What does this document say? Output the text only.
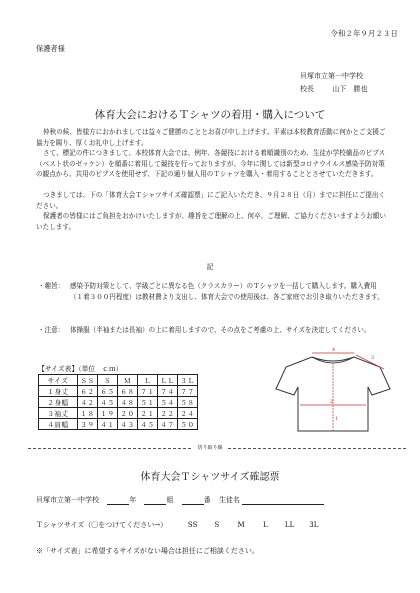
令和２年９月２３日
保護者様
貝塚市立第一中学校
校長	山下　勝也
体育大会におけるＴシャツの着用・購入について
仲秋の候、皆様方におかれましては益々ご健勝のこととお喜び申し上げます。平素は本校教育活動に何かとご支援ご協力を賜り、厚くお礼申し上げます。
さて、標記の件につきまして、本校体育大会では、例年、各競技における着順識別のため、生徒が学校備品のビブス（ベスト状のゼッケン）を順番に着用して競技を行っておりますが、今年に関しては新型コロナウイルス感染予防対策の観点から、共用のビブスを使用せず、下記の通り個人用のＴシャツを購入・着用することとさせていただきます。
つきましては、下の「体育大会Ｔシャツサイズ確認票」にご記入いただき、９月２８日（月）までに担任にご提出ください。
保護者の皆様にはご負担をおかけいたしますが、趣旨をご理解の上、何卒、ご理解、ご協力くださいますようお願いいたします。
記
・趣旨： 感染予防対策として、学級ごとに異なる色（クラスカラー）のＴシャツを一括して購入します。購入費用（１着３００円程度）は教材費より支出し、体育大会での使用後は、各ご家庭でお引き取りいただきます。
・注意： 体操服（半袖または長袖）の上に着用しますので、その点をご考慮の上、サイズを決定してください。
【サイズ表】（単位　ｃｍ）
サイズ	ＳＳ	Ｓ	Ｍ	Ｌ	ＬＬ	３Ｌ
１身丈	６２	６５	６８	７１	７４	７７
２身幅	４２	４５	４８	５１	５４	５８
３袖丈	１８	１９	２０	２１	２２	２４
４肩幅	３９	４１	４３	４５	４７	５０
4
2
1
3
切り取り線
体育大会Ｔシャツサイズ確認票
貝塚市立第一中学校	年	組	番 生徒名
Ｔシャツサイズ（〇をつけてください→）	SS S	M	L LL 3L
※「サイズ表」に希望するサイズがない場合は担任にご相談ください。
